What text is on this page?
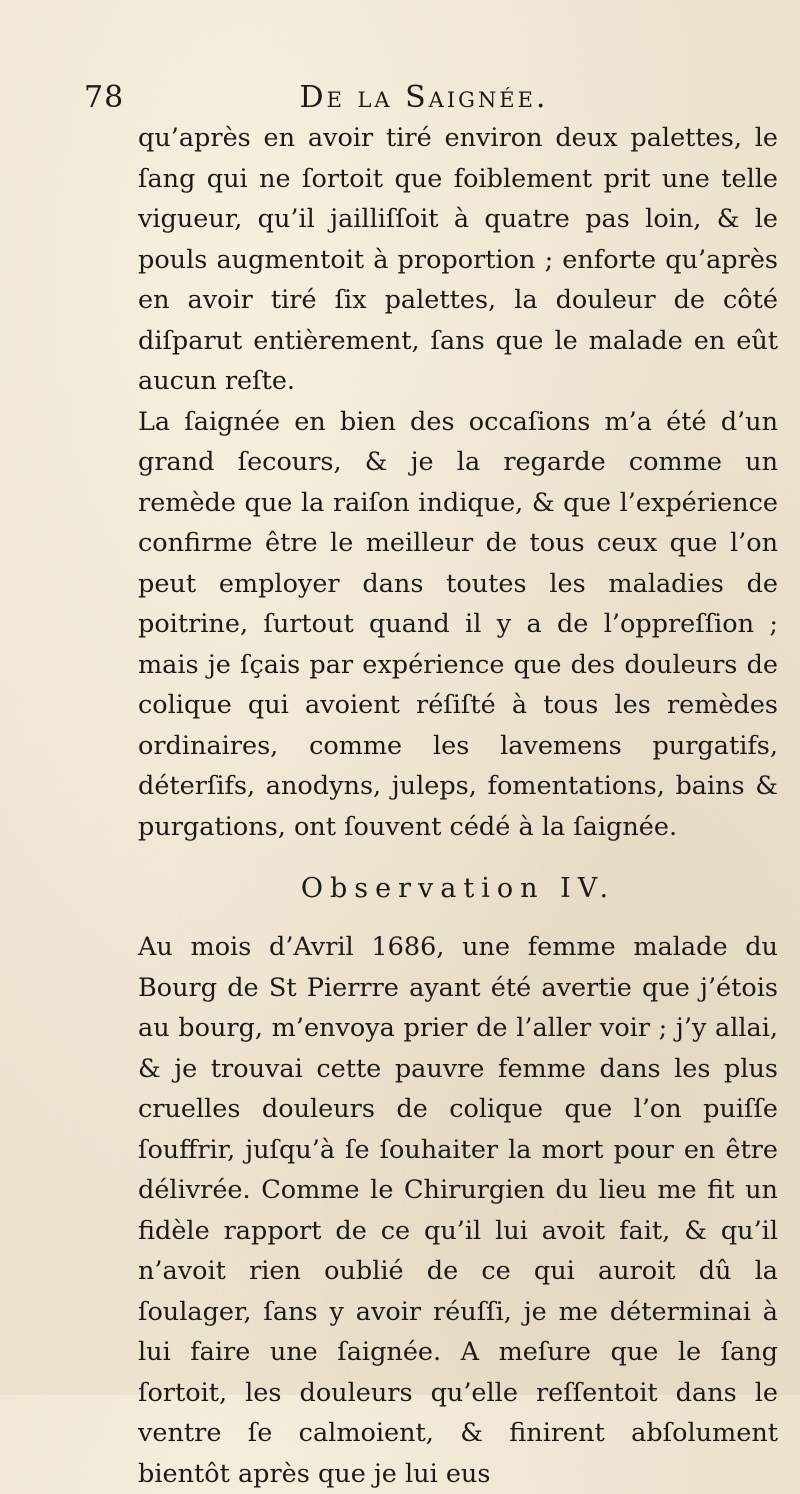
78	De la Saignée.

qu’après en avoir tiré environ deux palettes, le ſang qui ne ſortoit que foiblement prit une telle vigueur, qu’il jailliſſoit à quatre pas loin, & le pouls augmentoit à proportion ; enforte qu’après en avoir tiré ſix palettes, la douleur de côté diſparut entièrement, ſans que le malade en eût aucun reſte.

La ſaignée en bien des occaſions m’a été d’un grand ſecours, & je la regarde comme un remède que la raiſon indique, & que l’expérience confirme être le meilleur de tous ceux que l’on peut employer dans toutes les maladies de poitrine, ſurtout quand il y a de l’oppreſſion ; mais je ſçais par expérience que des douleurs de colique qui avoient réſiſté à tous les remèdes ordinaires, comme les lavemens purgatifs, déterſifs, anodyns, juleps, fomentations, bains & purgations, ont ſouvent cédé à la ſaignée.

Observation IV.

Au mois d’Avril 1686, une femme malade du Bourg de St Pierrre ayant été avertie que j’étois au bourg, m’envoya prier de l’aller voir ; j’y allai, & je trouvai cette pauvre femme dans les plus cruelles douleurs de colique que l’on puiſſe ſouffrir, juſqu’à ſe ſouhaiter la mort pour en être délivrée. Comme le Chirurgien du lieu me fit un fidèle rapport de ce qu’il lui avoit fait, & qu’il n’avoit rien oublié de ce qui auroit dû la ſoulager, ſans y avoir réuſſi, je me déterminai à lui faire une ſaignée. A meſure que le ſang ſortoit, les douleurs qu’elle reſſentoit dans le ventre ſe calmoient, & finirent abſolument bientôt après que je lui eus
